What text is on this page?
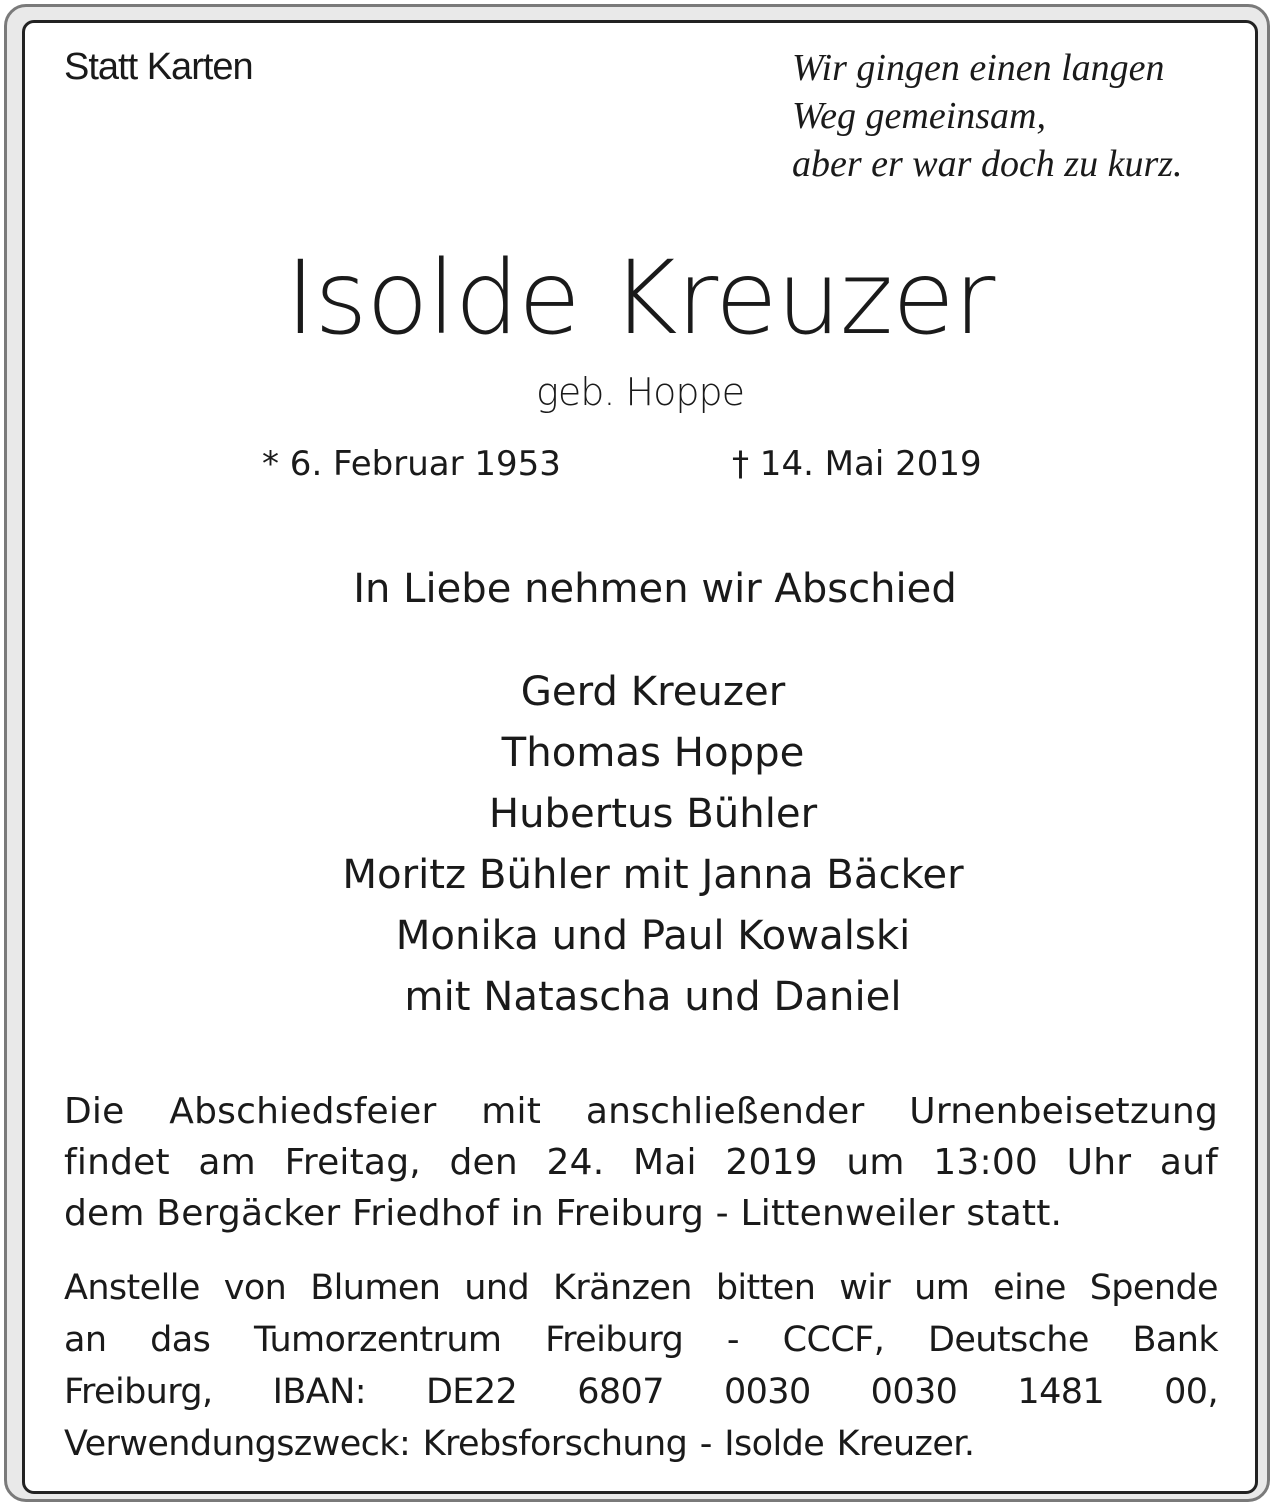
Statt Karten	Wir gingen einen langen
Weg gemeinsam,
aber er war doch zu kurz.
Isolde Kreuzer
geb. Hoppe
* 6. Februar 1953	† 14. Mai 2019
In Liebe nehmen wir Abschied
Gerd Kreuzer
Thomas Hoppe
Hubertus Bühler
Moritz Bühler mit Janna Bäcker
Monika und Paul Kowalski
mit Natascha und Daniel
Die Abschiedsfeier mit anschließender Urnenbeisetzung
findet am Freitag, den 24. Mai 2019 um 13:00 Uhr auf
dem Bergäcker Friedhof in Freiburg - Littenweiler statt.
Anstelle von Blumen und Kränzen bitten wir um eine Spende
an das Tumorzentrum Freiburg - CCCF, Deutsche Bank
Freiburg, IBAN: DE22 6807 0030 0030 1481 00,
Verwendungszweck: Krebsforschung - Isolde Kreuzer.
